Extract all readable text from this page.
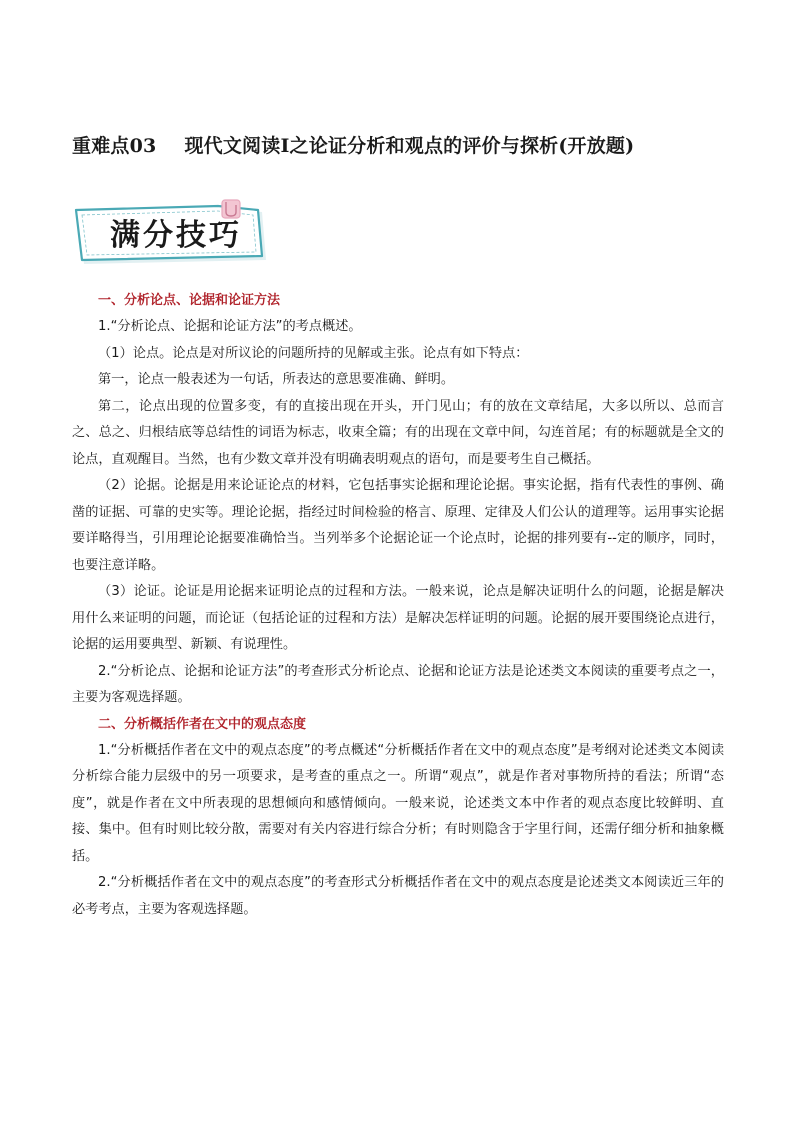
重难点03 现代文阅读I之论证分析和观点的评价与探析(开放题)
满分技巧
一、分析论点、论据和论证方法

1.“分析论点、论据和论证方法”的考点概述。

（1）论点。论点是对所议论的问题所持的见解或主张。论点有如下特点：

第一，论点一般表述为一句话，所表达的意思要准确、鲜明。

第二，论点出现的位置多变，有的直接出现在开头，开门见山；有的放在文章结尾，大多以所以、总而言之、总之、归根结底等总结性的词语为标志，收束全篇；有的出现在文章中间，勾连首尾；有的标题就是全文的论点，直观醒目。当然，也有少数文章并没有明确表明观点的语句，而是要考生自己概括。

（2）论据。论据是用来论证论点的材料，它包括事实论据和理论论据。事实论据，指有代表性的事例、确凿的证据、可靠的史实等。理论论据，指经过时间检验的格言、原理、定律及人们公认的道理等。运用事实论据要详略得当，引用理论论据要准确恰当。当列举多个论据论证一个论点时，论据的排列要有--定的顺序，同时，也要注意详略。

（3）论证。论证是用论据来证明论点的过程和方法。一般来说，论点是解决证明什么的问题，论据是解决用什么来证明的问题，而论证（包括论证的过程和方法）是解决怎样证明的问题。论据的展开要围绕论点进行，论据的运用要典型、新颖、有说理性。

2.“分析论点、论据和论证方法”的考查形式分析论点、论据和论证方法是论述类文本阅读的重要考点之一，主要为客观选择题。

二、分析概括作者在文中的观点态度

1.“分析概括作者在文中的观点态度”的考点概述“分析概括作者在文中的观点态度”是考纲对论述类文本阅读分析综合能力层级中的另一项要求，是考查的重点之一。所谓“观点”，就是作者对事物所持的看法；所谓“态度”，就是作者在文中所表现的思想倾向和感情倾向。一般来说，论述类文本中作者的观点态度比较鲜明、直接、集中。但有时则比较分散，需要对有关内容进行综合分析；有时则隐含于字里行间，还需仔细分析和抽象概括。

2.“分析概括作者在文中的观点态度”的考查形式分析概括作者在文中的观点态度是论述类文本阅读近三年的必考考点，主要为客观选择题。
